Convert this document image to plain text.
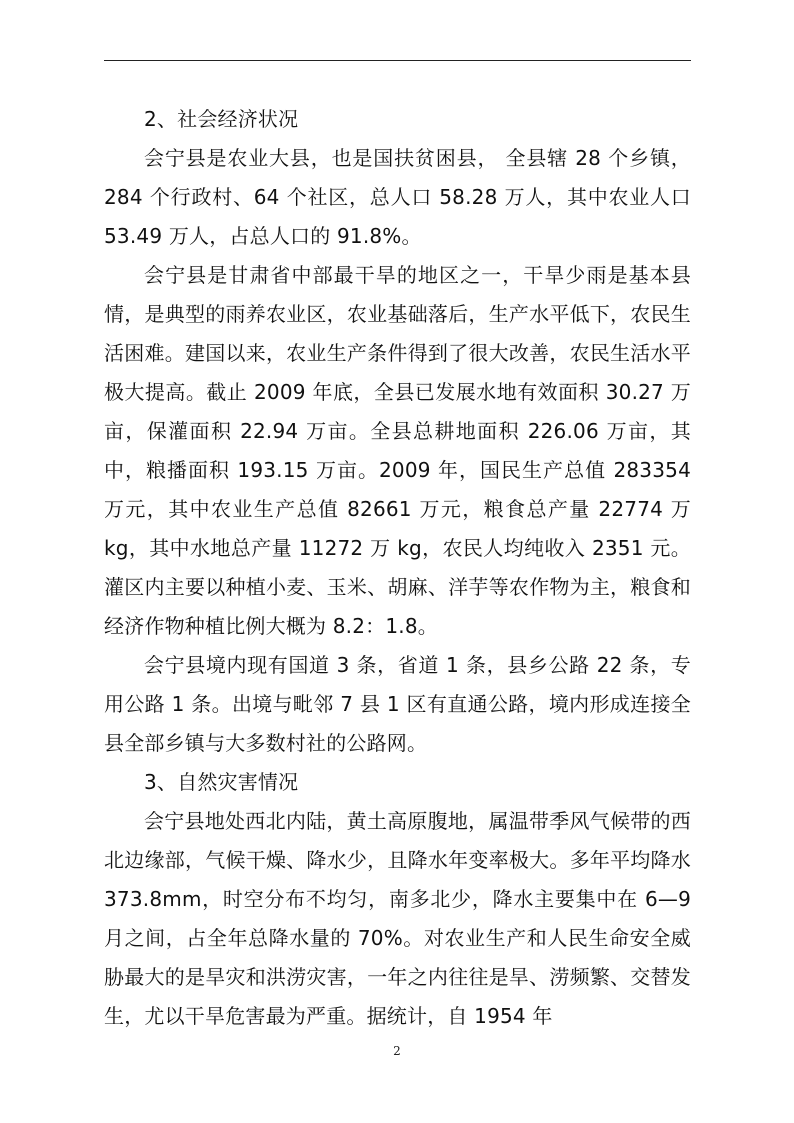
2、社会经济状况

会宁县是农业大县，也是国扶贫困县， 全县辖 28 个乡镇，284 个行政村、64 个社区，总人口 58.28 万人，其中农业人口 53.49 万人，占总人口的 91.8%。

会宁县是甘肃省中部最干旱的地区之一，干旱少雨是基本县情，是典型的雨养农业区，农业基础落后，生产水平低下，农民生活困难。建国以来，农业生产条件得到了很大改善，农民生活水平极大提高。截止 2009 年底，全县已发展水地有效面积 30.27 万亩，保灌面积 22.94 万亩。全县总耕地面积 226.06 万亩，其中，粮播面积 193.15 万亩。2009 年，国民生产总值 283354 万元，其中农业生产总值 82661 万元，粮食总产量 22774 万 kg，其中水地总产量 11272 万 kg，农民人均纯收入 2351 元。灌区内主要以种植小麦、玉米、胡麻、洋芋等农作物为主，粮食和经济作物种植比例大概为 8.2：1.8。

会宁县境内现有国道 3 条，省道 1 条，县乡公路 22 条，专用公路 1 条。出境与毗邻 7 县 1 区有直通公路，境内形成连接全县全部乡镇与大多数村社的公路网。

3、自然灾害情况

会宁县地处西北内陆，黄土高原腹地，属温带季风气候带的西北边缘部，气候干燥、降水少，且降水年变率极大。多年平均降水 373.8mm，时空分布不均匀，南多北少，降水主要集中在 6—9 月之间，占全年总降水量的 70%。对农业生产和人民生命安全威胁最大的是旱灾和洪涝灾害，一年之内往往是旱、涝频繁、交替发生，尤以干旱危害最为严重。据统计，自 1954 年

2
